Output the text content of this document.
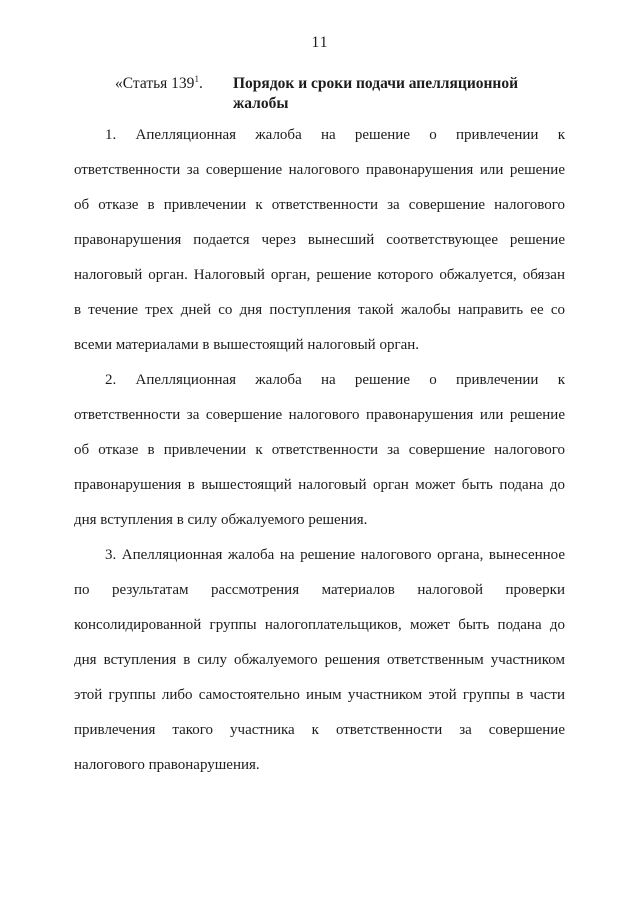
11
«Статья $139^1$.	Порядок и сроки подачи апелляционной жалобы
1. Апелляционная жалоба на решение о привлечении к
ответственности за совершение налогового правонарушения или решение
об отказе в привлечении к ответственности за совершение налогового
правонарушения подается через вынесший соответствующее решение
налоговый орган. Налоговый орган, решение которого обжалуется, обязан
в течение трех дней со дня поступления такой жалобы направить ее со
всеми материалами в вышестоящий налоговый орган.
2. Апелляционная жалоба на решение о привлечении к
ответственности за совершение налогового правонарушения или решение
об отказе в привлечении к ответственности за совершение налогового
правонарушения в вышестоящий налоговый орган может быть подана до
дня вступления в силу обжалуемого решения.
3. Апелляционная жалоба на решение налогового органа, вынесенное
по результатам рассмотрения материалов налоговой проверки
консолидированной группы налогоплательщиков, может быть подана до
дня вступления в силу обжалуемого решения ответственным участником
этой группы либо самостоятельно иным участником этой группы в части
привлечения такого участника к ответственности за совершение
налогового правонарушения.
